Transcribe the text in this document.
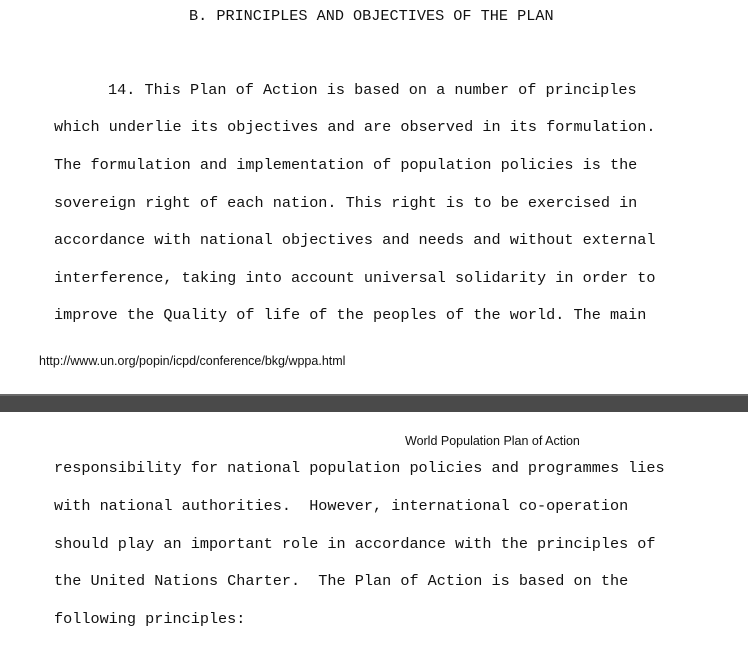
B. PRINCIPLES AND OBJECTIVES OF THE PLAN
14. This Plan of Action is based on a number of principles
which underlie its objectives and are observed in its formulation.
The formulation and implementation of population policies is the
sovereign right of each nation. This right is to be exercised in
accordance with national objectives and needs and without external
interference, taking into account universal solidarity in order to
improve the Quality of life of the peoples of the world. The main
http://www.un.org/popin/icpd/conference/bkg/wppa.html
World Population Plan of Action
responsibility for national population policies and programmes lies
with national authorities.  However, international co-operation
should play an important role in accordance with the principles of
the United Nations Charter.  The Plan of Action is based on the
following principles:
